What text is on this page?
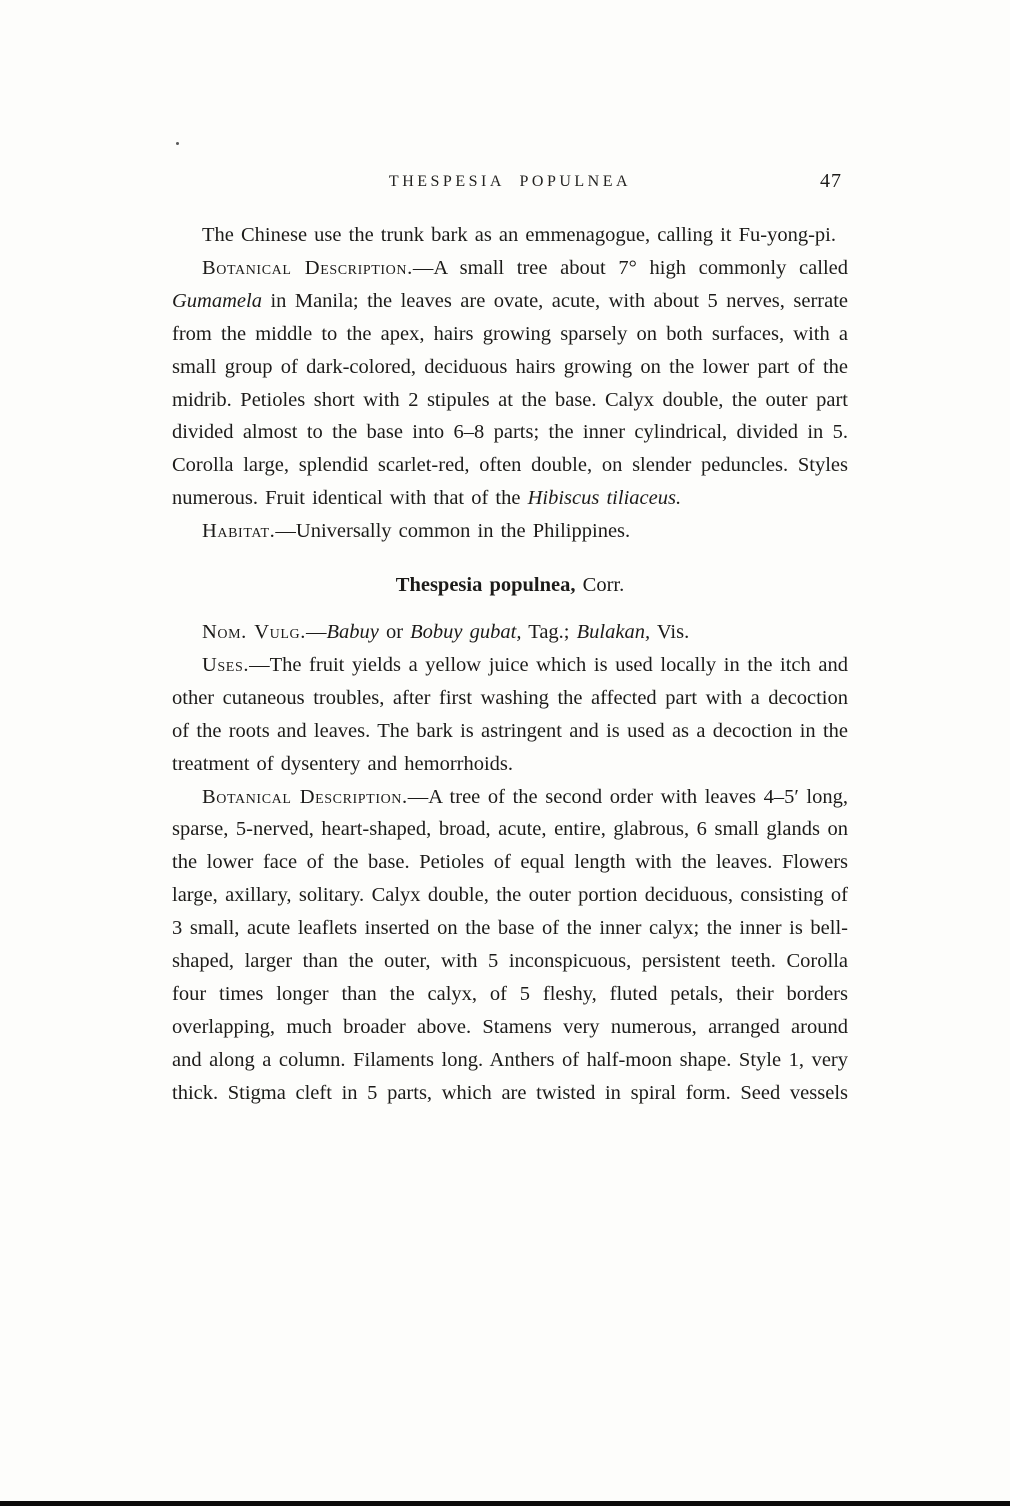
THESPESIA POPULNEA	47

The Chinese use the trunk bark as an emmenagogue, calling it Fu-yong-pi.

Botanical Description.—A small tree about 7° high commonly called Gumamela in Manila; the leaves are ovate, acute, with about 5 nerves, serrate from the middle to the apex, hairs growing sparsely on both surfaces, with a small group of dark-colored, deciduous hairs growing on the lower part of the midrib. Petioles short with 2 stipules at the base. Calyx double, the outer part divided almost to the base into 6–8 parts; the inner cylindrical, divided in 5. Corolla large, splendid scarlet-red, often double, on slender peduncles. Styles numerous. Fruit identical with that of the Hibiscus tiliaceus.

Habitat.—Universally common in the Philippines.

Thespesia populnea, Corr.

Nom. Vulg.—Babuy or Bobuy gubat, Tag.; Bulakan, Vis.

Uses.—The fruit yields a yellow juice which is used locally in the itch and other cutaneous troubles, after first washing the affected part with a decoction of the roots and leaves. The bark is astringent and is used as a decoction in the treatment of dysentery and hemorrhoids.

Botanical Description.—A tree of the second order with leaves 4–5′ long, sparse, 5-nerved, heart-shaped, broad, acute, entire, glabrous, 6 small glands on the lower face of the base. Petioles of equal length with the leaves. Flowers large, axillary, solitary. Calyx double, the outer portion deciduous, consisting of 3 small, acute leaflets inserted on the base of the inner calyx; the inner is bell-shaped, larger than the outer, with 5 inconspicuous, persistent teeth. Corolla four times longer than the calyx, of 5 fleshy, fluted petals, their borders overlapping, much broader above. Stamens very numerous, arranged around and along a column. Filaments long. Anthers of half-moon shape. Style 1, very thick. Stigma cleft in 5 parts, which are twisted in spiral form. Seed vessels
